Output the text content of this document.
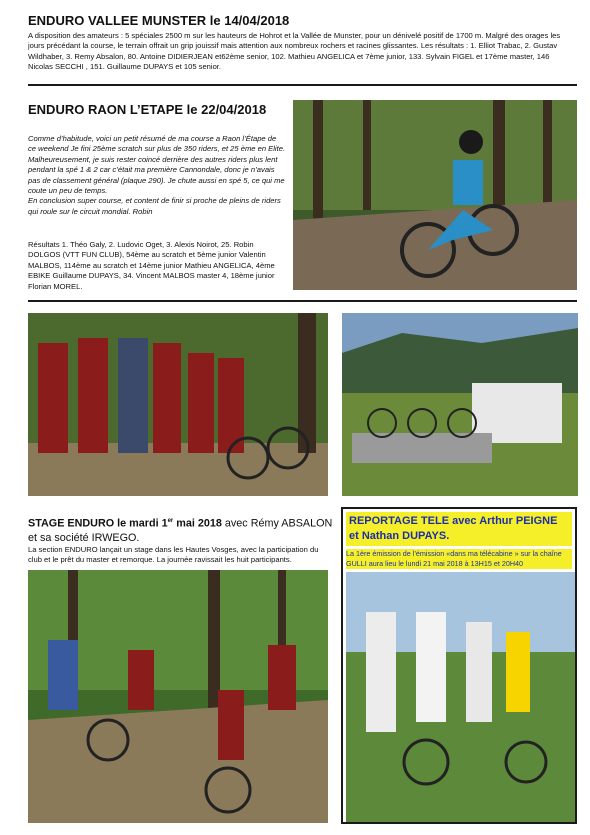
ENDURO VALLEE MUNSTER le 14/04/2018

A disposition des amateurs : 5 spéciales 2500 m sur les hauteurs de Hohrot et la Vallée de Munster, pour un dénivelé positif de 1700 m. Malgré des orages les jours précédant la course, le terrain offrait un grip jouissif mais attention aux nombreux rochers et racines glissantes. Les résultats : 1. Elliot Trabac, 2. Gustav Wildhaber, 3. Remy Absalon, 80. Antoine DIDIERJEAN et62ème senior, 102. Mathieu ANGELICA et 7ème junior, 133. Sylvain FIGEL et 17ème master, 146 Nicolas SECCHI , 151. Guillaume DUPAYS et 105 senior.

ENDURO RAON L’ETAPE le 22/04/2018

Comme d’habitude, voici un petit résumé de ma course a Raon l’Étape de ce weekend Je fini 25ème scratch sur plus de 350 riders, et 25 ème en Elite.

Malheureusement, je suis rester coincé derrière des autres riders plus lent pendant la spé 1 & 2 car c’était ma première Cannondale, donc je n’avais pas de classement général (plaque 290). Je chute aussi en spé 5, ce qui me coute un peu de temps.

En conclusion super course, et content de finir si proche de pleins de riders qui roule sur le circuit mondial. Robin

Résultats 1. Théo Galy, 2. Ludovic Oget, 3. Alexis Noirot, 25. Robin DOLGOS (VTT FUN CLUB), 54ème au scratch et 5ème junior Valentin MALBOS, 114ème au scratch et 14ème junior Mathieu ANGELICA, 4ème EBIKE Guillaume DUPAYS, 34. Vincent MALBOS master 4, 18ème junior Florian MOREL.

STAGE ENDURO le mardi 1er mai 2018 avec Rémy ABSALON et sa société IRWEGO.

La section ENDURO lançait un stage dans les Hautes Vosges, avec la participation du club et le prêt du master et remorque. La journée ravissait les huit participants.

REPORTAGE TELE avec Arthur PEIGNE et Nathan DUPAYS.

La 1ère émission de l’émission «dans ma télécabine » sur la chaîne GULLI aura lieu le lundi 21 mai 2018 à 13H15 et 20H40
